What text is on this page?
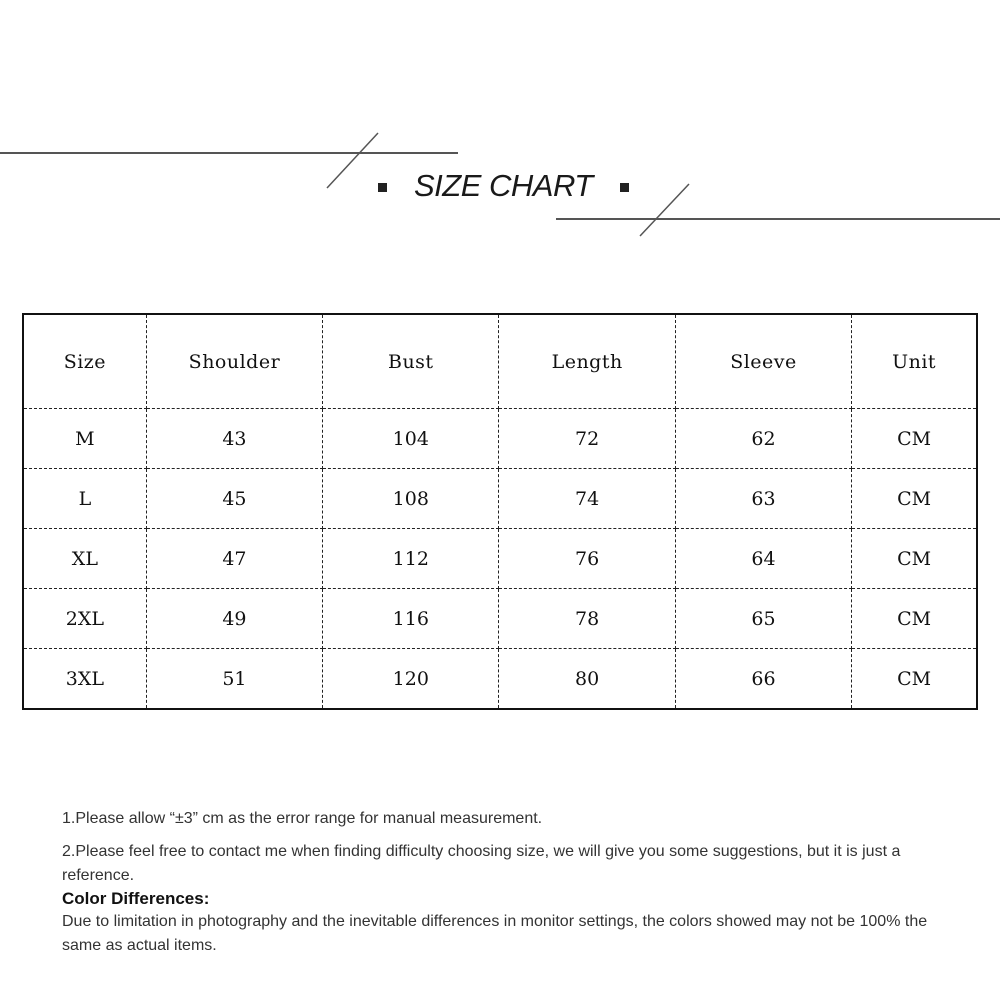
SIZE CHART
Size	Shoulder	Bust	Length	Sleeve	Unit
M	43	104	72	62	CM
L	45	108	74	63	CM
XL	47	112	76	64	CM
2XL	49	116	78	65	CM
3XL	51	120	80	66	CM

1.Please allow “±3” cm as the error range for manual measurement.

2.Please feel free to contact me when finding difficulty choosing size, we will give you some suggestions, but it is just a reference.

Color Differences:

Due to limitation in photography and the inevitable differences in monitor settings, the colors showed may not be 100% the same as actual items.
